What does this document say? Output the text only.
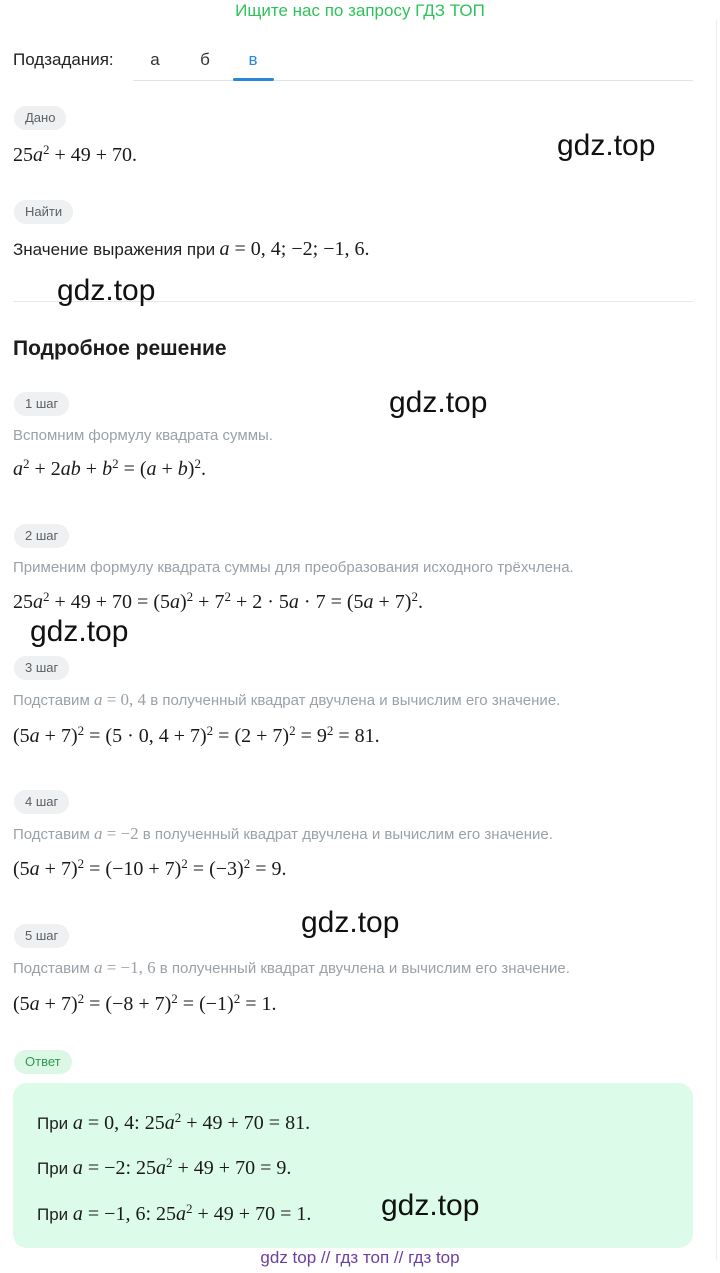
Ищите нас по запросу ГДЗ ТОП
Подзадания:	а	б	в
Дано
$25a^2 + 49 + 70$.
Найти
Значение выражения при a = 0, 4; −2; −1, 6.
Подробное решение
1 шаг
Вспомним формулу квадрата суммы.
$a^2 + 2ab + b^2 = (a + b)^2$.
2 шаг
Применим формулу квадрата суммы для преобразования исходного трёхчлена.
$25a^2 + 49 + 70 = (5a)^2 + 7^2 + 2 \cdot 5a \cdot 7 = (5a + 7)^2$.
3 шаг
Подставим a = 0, 4 в полученный квадрат двучлена и вычислим его значение.
$(5a + 7)^2 = (5 \cdot 0$, $4 + 7)^2 = (2 + 7)^2 = 9^2 = 81$.
4 шаг
Подставим a = −2 в полученный квадрат двучлена и вычислим его значение.
$(5a + 7)^2 = (-10 + 7)^2 = (-3)^2 = 9$.
5 шаг
Подставим a = −1, 6 в полученный квадрат двучлена и вычислим его значение.
$(5a + 7)^2 = (-8 + 7)^2 = (-1)^2 = 1$.
Ответ
При a = 0, 4: $25a^2 + 49 + 70 = 81$.
При a = −2: $25a^2 + 49 + 70 = 9$.
При a = −1, 6: $25a^2 + 49 + 70 = 1$.
gdz.top
gdz.top
gdz.top
gdz.top
gdz.top
gdz.top
gdz top // гдз топ // гдз top
